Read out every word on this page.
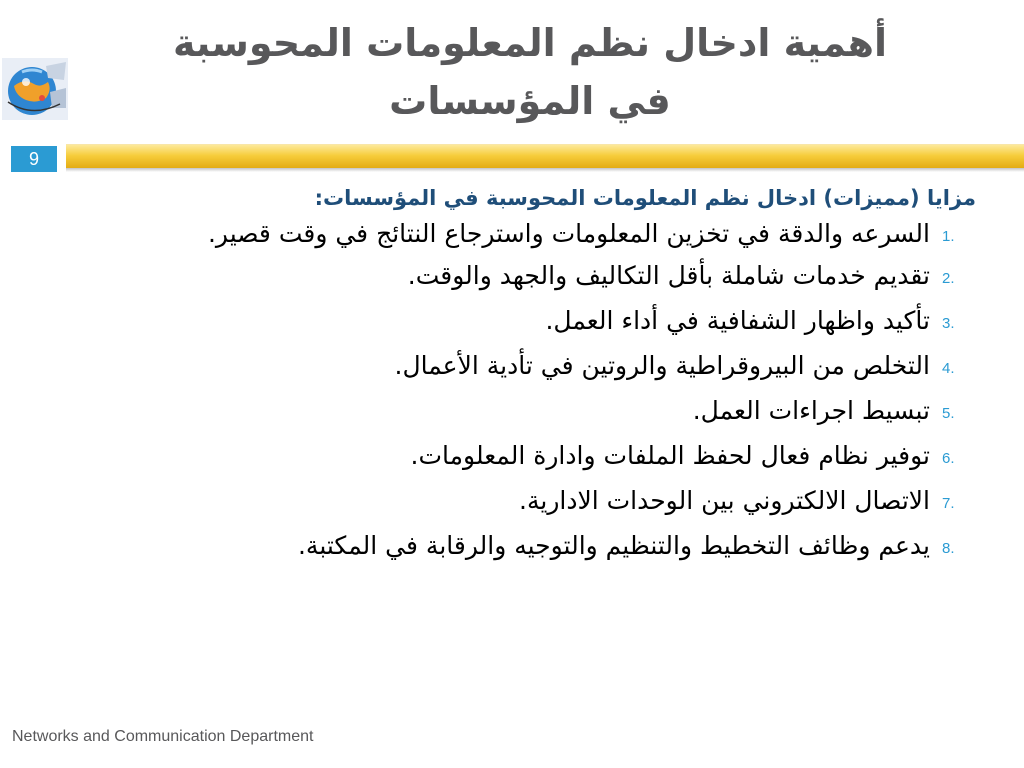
أهمية ادخال نظم المعلومات المحوسبة في المؤسسات
9
مزايا (مميزات) ادخال نظم المعلومات المحوسبة في المؤسسات:
1.
السرعه والدقة في تخزين المعلومات واسترجاع النتائج في وقت قصير.
2.
تقديم خدمات شاملة بأقل التكاليف والجهد والوقت.
3.
تأكيد واظهار الشفافية في أداء العمل.
4.
التخلص من البيروقراطية والروتين في تأدية الأعمال.
5.
تبسيط اجراءات العمل.
6.
توفير نظام فعال لحفظ الملفات وادارة المعلومات.
7.
الاتصال الالكتروني بين الوحدات الادارية.
8.
يدعم وظائف التخطيط والتنظيم والتوجيه والرقابة في المكتبة.
Networks and Communication Department
